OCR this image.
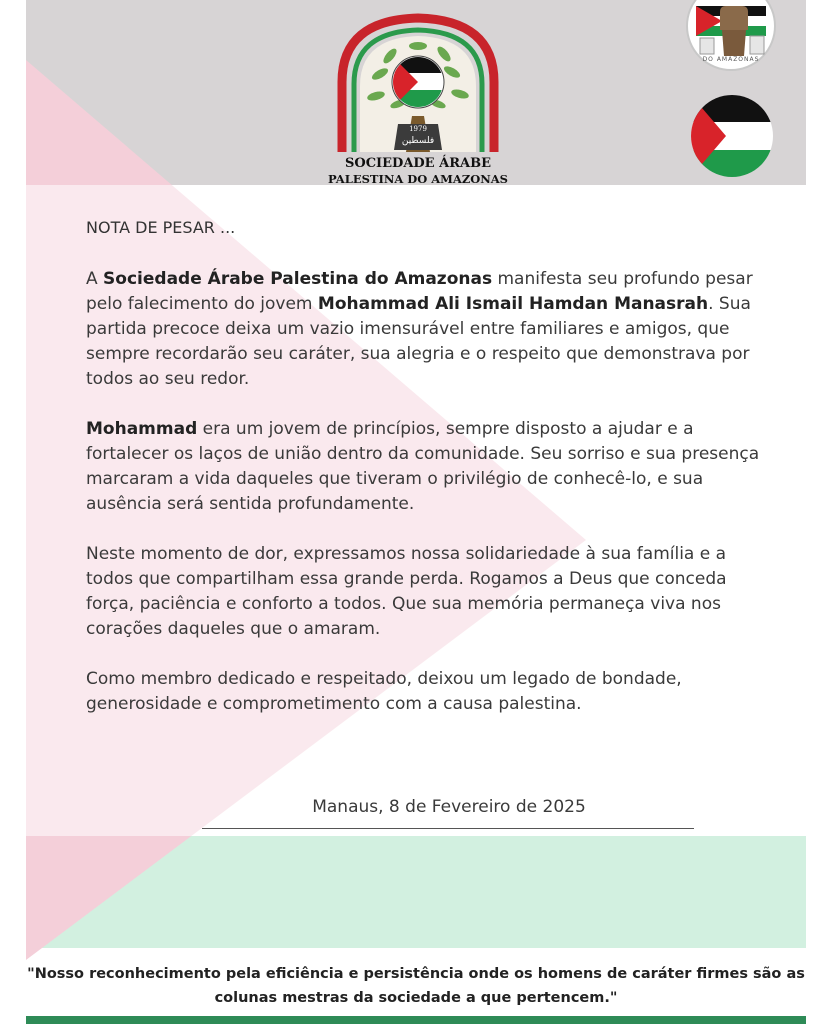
1979
فلسطين
SOCIEDADE ÁRABE
PALESTINA DO AMAZONAS
DO AMAZONAS

NOTA DE PESAR ...

A Sociedade Árabe Palestina do Amazonas manifesta seu profundo pesar pelo falecimento do jovem Mohammad Ali Ismail Hamdan Manasrah. Sua partida precoce deixa um vazio imensurável entre familiares e amigos, que sempre recordarão seu caráter, sua alegria e o respeito que demonstrava por todos ao seu redor.

Mohammad era um jovem de princípios, sempre disposto a ajudar e a fortalecer os laços de união dentro da comunidade. Seu sorriso e sua presença marcaram a vida daqueles que tiveram o privilégio de conhecê-lo, e sua ausência será sentida profundamente.

Neste momento de dor, expressamos nossa solidariedade à sua família e a todos que compartilham essa grande perda. Rogamos a Deus que conceda força, paciência e conforto a todos. Que sua memória permaneça viva nos corações daqueles que o amaram.

Como membro dedicado e respeitado, deixou um legado de bondade, generosidade e comprometimento com a causa palestina.

Manaus, 8 de Fevereiro de 2025
"Nosso reconhecimento pela eficiência e persistência onde os homens de caráter firmes são as colunas mestras da sociedade a que pertencem."
